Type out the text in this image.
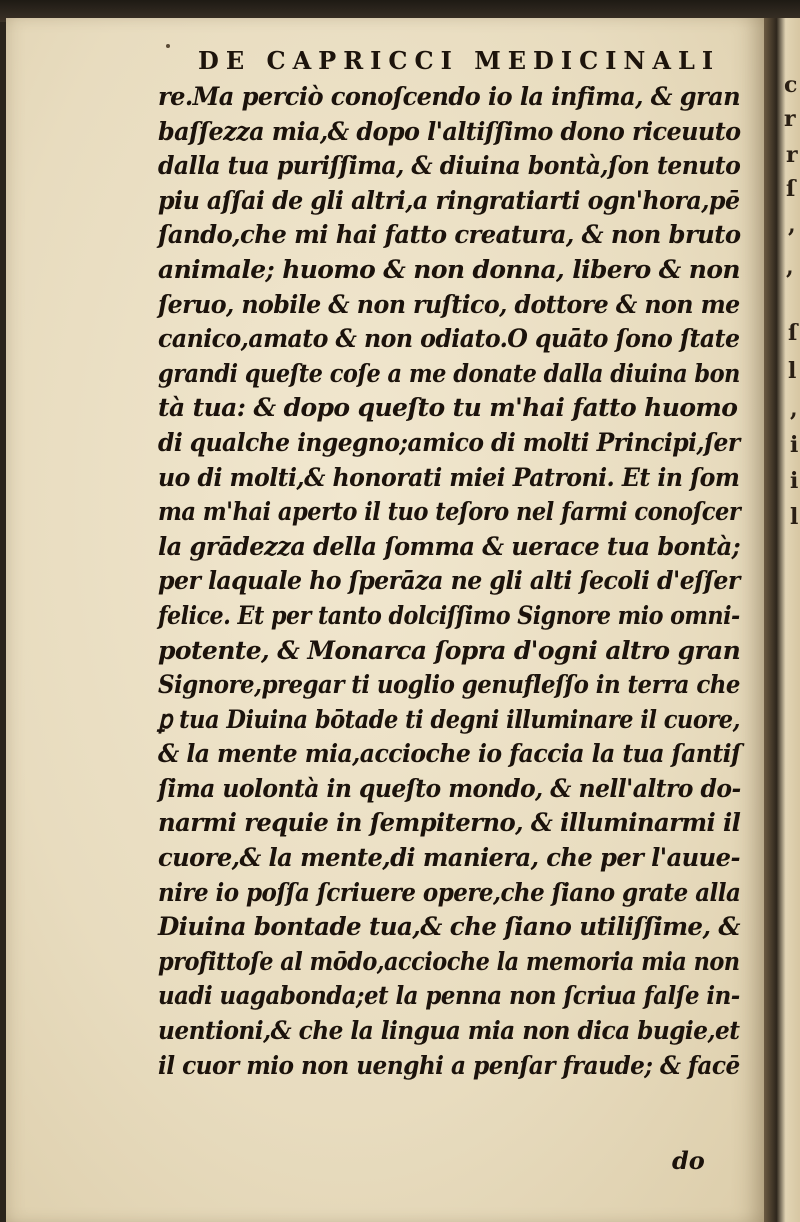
c
r
r
ſ
,
,
ſ
l
,
i
i
l
DE CAPRICCI MEDICINALI
re.Ma perciò conoſcendo io la infima, & gran
baſſezza mia,& dopo l'altiſſimo dono riceuuto
dalla tua puriſſima, & diuina bontà,ſon tenuto
piu aſſai de gli altri,a ringratiarti ogn'hora,pē
ſando,che mi hai fatto creatura, & non bruto
animale; huomo & non donna, libero & non
ſeruo, nobile & non ruſtico, dottore & non me
canico,amato & non odiato.O quāto ſono ſtate
grandi queſte coſe a me donate dalla diuina bon
tà tua: & dopo queſto tu m'hai fatto huomo
di qualche ingegno;amico di molti Principi,ſer
uo di molti,& honorati miei Patroni. Et in ſom
ma m'hai aperto il tuo teſoro nel farmi conoſcer
la grādezza della ſomma & uerace tua bontà;
per laquale ho ſperāza ne gli alti ſecoli d'eſſer
felice. Et per tanto dolciſſimo Signore mio omni-
potente, & Monarca ſopra d'ogni altro gran
Signore,pregar ti uoglio genufleſſo in terra che
ꝑ tua Diuina bōtade ti degni illuminare il cuore,
& la mente mia,accioche io faccia la tua ſantiſ
ſima uolontà in queſto mondo, & nell'altro do-
narmi requie in ſempiterno, & illuminarmi il
cuore,& la mente,di maniera, che per l'auue-
nire io poſſa ſcriuere opere,che ſiano grate alla
Diuina bontade tua,& che ſiano utiliſſime, &
profittoſe al mōdo,accioche la memoria mia non
uadi uagabonda;et la penna non ſcriua falſe in-
uentioni,& che la lingua mia non dica bugie,et
il cuor mio non uenghi a penſar fraude; & facē
do
